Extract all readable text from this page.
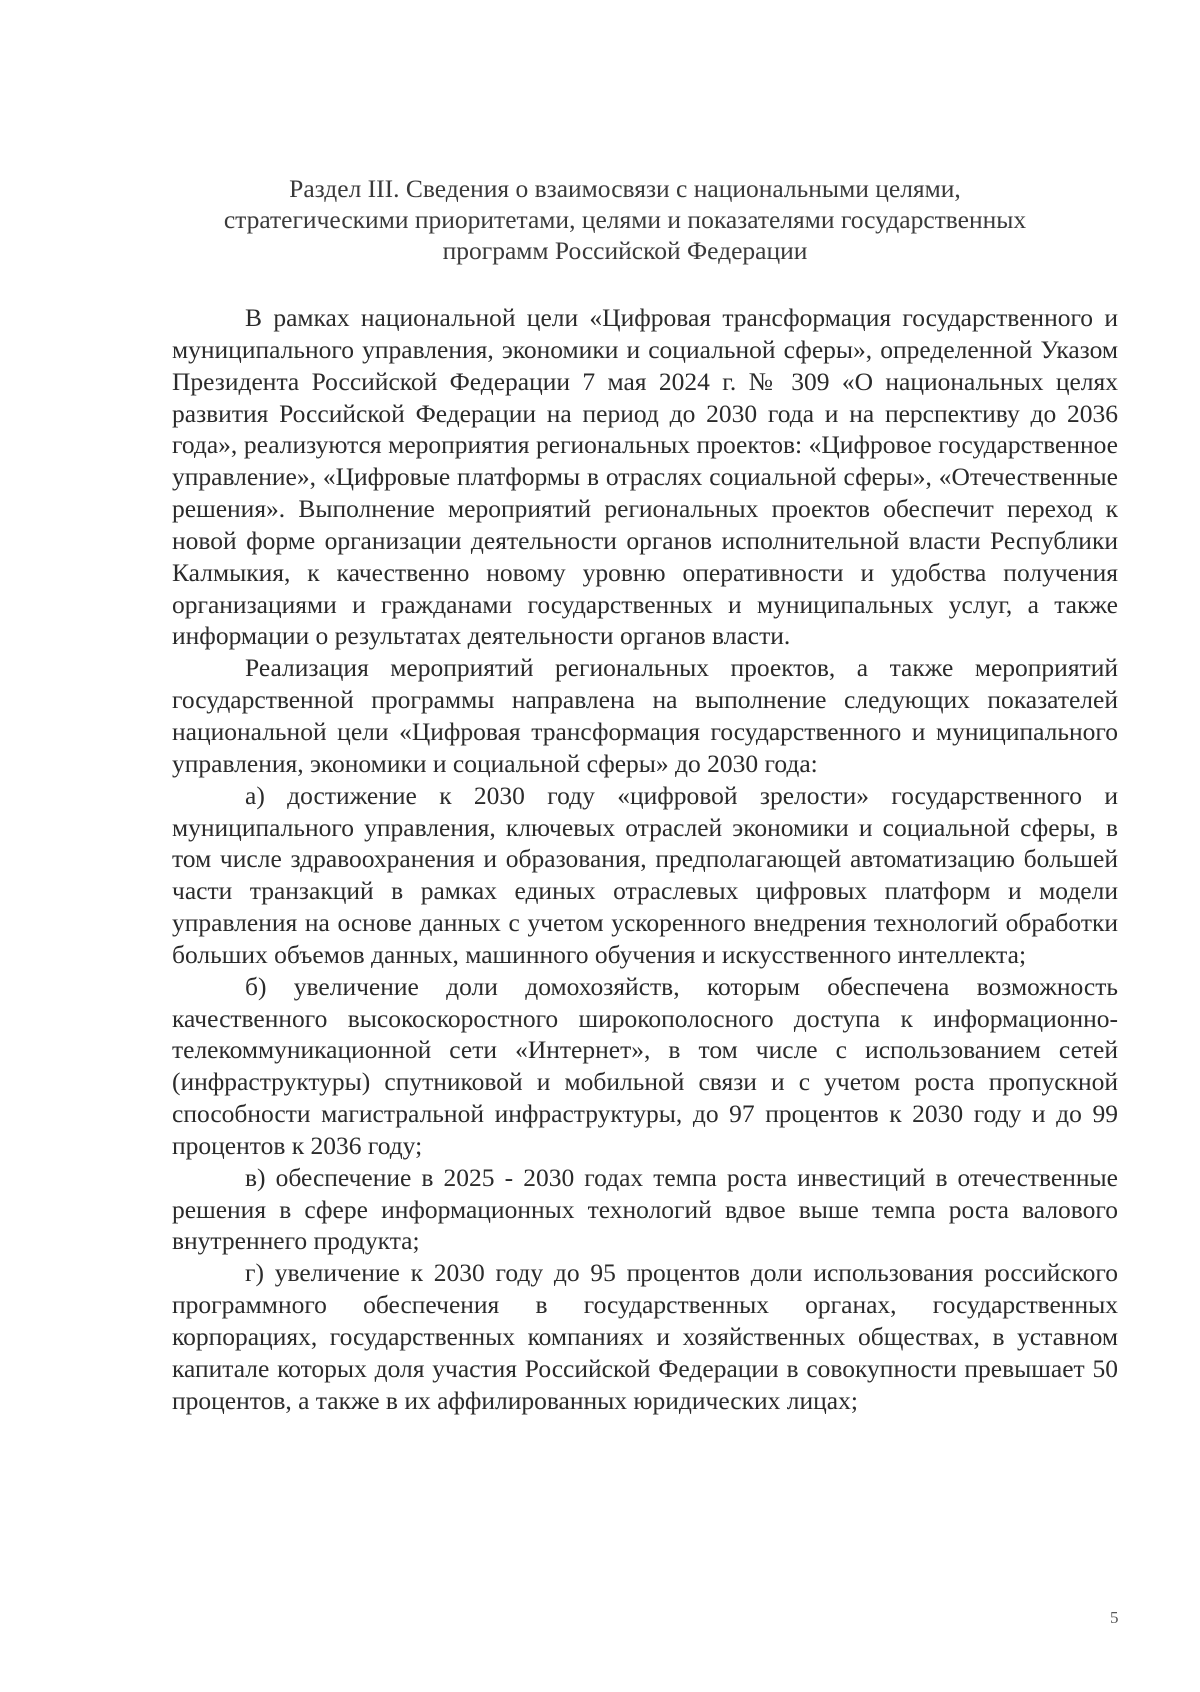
Раздел III. Сведения о взаимосвязи с национальными целями,
стратегическими приоритетами, целями и показателями государственных
программ Российской Федерации

В рамках национальной цели «Цифровая трансформация государственного и муниципального управления, экономики и социальной сферы», определенной Указом Президента Российской Федерации 7 мая 2024 г. № 309 «О национальных целях развития Российской Федерации на период до 2030 года и на перспективу до 2036 года», реализуются мероприятия региональных проектов: «Цифровое государственное управление», «Цифровые платформы в отраслях социальной сферы», «Отечественные решения». Выполнение мероприятий региональных проектов обеспечит переход к новой форме организации деятельности органов исполнительной власти Республики Калмыкия, к качественно новому уровню оперативности и удобства получения организациями и гражданами государственных и муниципальных услуг, а также информации о результатах деятельности органов власти.

Реализация мероприятий региональных проектов, а также мероприятий государственной программы направлена на выполнение следующих показателей национальной цели «Цифровая трансформация государственного и муниципального управления, экономики и социальной сферы» до 2030 года:

а) достижение к 2030 году «цифровой зрелости» государственного и муниципального управления, ключевых отраслей экономики и социальной сферы, в том числе здравоохранения и образования, предполагающей автоматизацию большей части транзакций в рамках единых отраслевых цифровых платформ и модели управления на основе данных с учетом ускоренного внедрения технологий обработки больших объемов данных, машинного обучения и искусственного интеллекта;

б) увеличение доли домохозяйств, которым обеспечена возможность качественного высокоскоростного широкополосного доступа к информационно-телекоммуникационной сети «Интернет», в том числе с использованием сетей (инфраструктуры) спутниковой и мобильной связи и с учетом роста пропускной способности магистральной инфраструктуры, до 97 процентов к 2030 году и до 99 процентов к 2036 году;

в) обеспечение в 2025 - 2030 годах темпа роста инвестиций в отечественные решения в сфере информационных технологий вдвое выше темпа роста валового внутреннего продукта;

г) увеличение к 2030 году до 95 процентов доли использования российского программного обеспечения в государственных органах, государственных корпорациях, государственных компаниях и хозяйственных обществах, в уставном капитале которых доля участия Российской Федерации в совокупности превышает 50 процентов, а также в их аффилированных юридических лицах;

5
